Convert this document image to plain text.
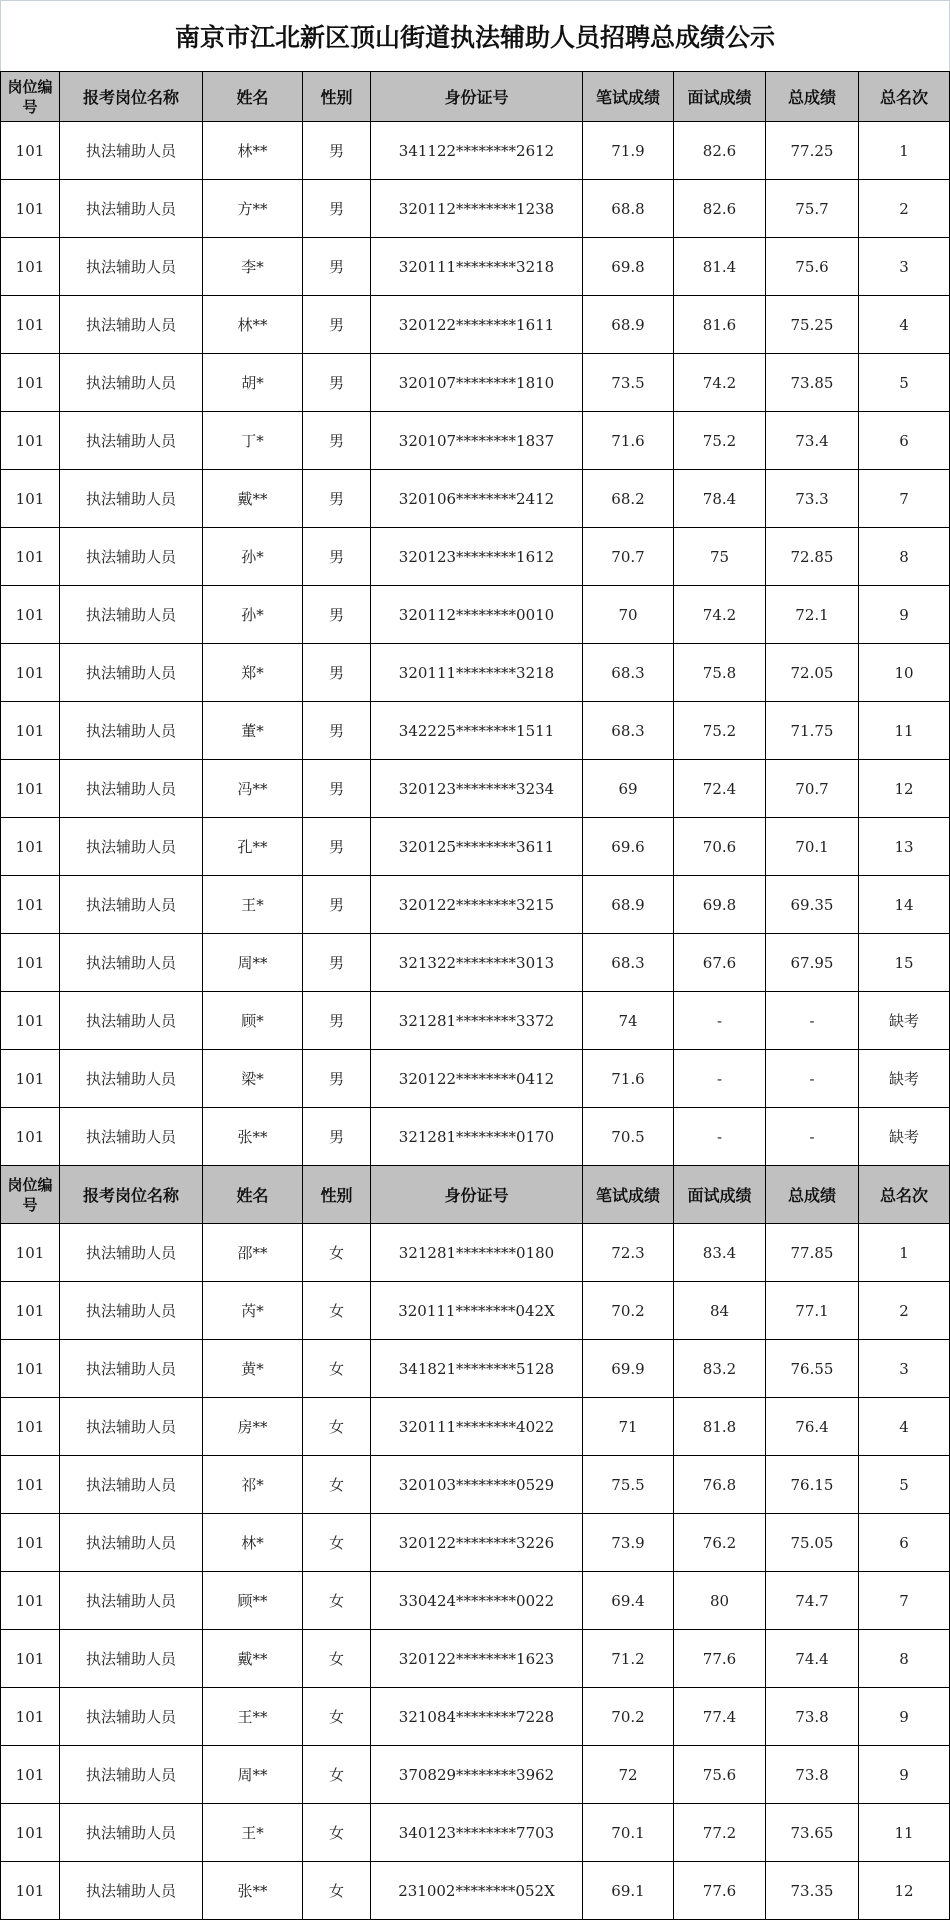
南京市江北新区顶山街道执法辅助人员招聘总成绩公示
岗位编号	报考岗位名称	姓名	性别	身份证号	笔试成绩	面试成绩	总成绩	总名次
101	执法辅助人员	林**	男	341122********2612	71.9	82.6	77.25	1
101	执法辅助人员	方**	男	320112********1238	68.8	82.6	75.7	2
101	执法辅助人员	李*	男	320111********3218	69.8	81.4	75.6	3
101	执法辅助人员	林**	男	320122********1611	68.9	81.6	75.25	4
101	执法辅助人员	胡*	男	320107********1810	73.5	74.2	73.85	5
101	执法辅助人员	丁*	男	320107********1837	71.6	75.2	73.4	6
101	执法辅助人员	戴**	男	320106********2412	68.2	78.4	73.3	7
101	执法辅助人员	孙*	男	320123********1612	70.7	75	72.85	8
101	执法辅助人员	孙*	男	320112********0010	70	74.2	72.1	9
101	执法辅助人员	郑*	男	320111********3218	68.3	75.8	72.05	10
101	执法辅助人员	董*	男	342225********1511	68.3	75.2	71.75	11
101	执法辅助人员	冯**	男	320123********3234	69	72.4	70.7	12
101	执法辅助人员	孔**	男	320125********3611	69.6	70.6	70.1	13
101	执法辅助人员	王*	男	320122********3215	68.9	69.8	69.35	14
101	执法辅助人员	周**	男	321322********3013	68.3	67.6	67.95	15
101	执法辅助人员	顾*	男	321281********3372	74	-	-	缺考
101	执法辅助人员	梁*	男	320122********0412	71.6	-	-	缺考
101	执法辅助人员	张**	男	321281********0170	70.5	-	-	缺考
岗位编号	报考岗位名称	姓名	性别	身份证号	笔试成绩	面试成绩	总成绩	总名次
101	执法辅助人员	邵**	女	321281********0180	72.3	83.4	77.85	1
101	执法辅助人员	芮*	女	320111********042X	70.2	84	77.1	2
101	执法辅助人员	黄*	女	341821********5128	69.9	83.2	76.55	3
101	执法辅助人员	房**	女	320111********4022	71	81.8	76.4	4
101	执法辅助人员	祁*	女	320103********0529	75.5	76.8	76.15	5
101	执法辅助人员	林*	女	320122********3226	73.9	76.2	75.05	6
101	执法辅助人员	顾**	女	330424********0022	69.4	80	74.7	7
101	执法辅助人员	戴**	女	320122********1623	71.2	77.6	74.4	8
101	执法辅助人员	王**	女	321084********7228	70.2	77.4	73.8	9
101	执法辅助人员	周**	女	370829********3962	72	75.6	73.8	9
101	执法辅助人员	王*	女	340123********7703	70.1	77.2	73.65	11
101	执法辅助人员	张**	女	231002********052X	69.1	77.6	73.35	12
